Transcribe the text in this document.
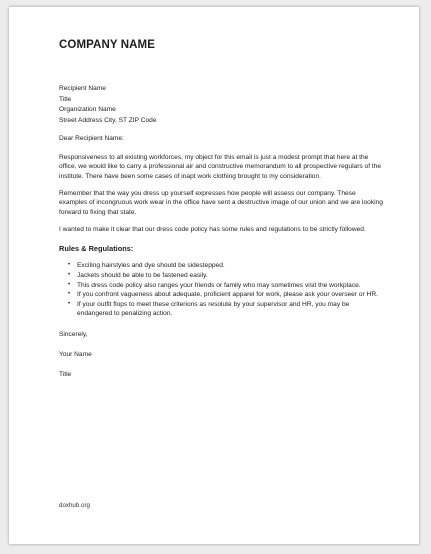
COMPANY NAME
Recipient Name
Title
Organization Name
Street Address City, ST ZIP Code
Dear Recipient Name:

Responsiveness to all existing workforces, my object for this email is just a modest prompt that here at the office, we would like to carry a professional air and constructive memorandum to all prospective regulars of the institute. There have been some cases of inapt work clothing brought to my consideration.

Remember that the way you dress up yourself expresses how people will assess our company. These examples of incongruous work wear in the office have sent a destructive image of our union and we are looking forward to fixing that state.

I wanted to make it clear that our dress code policy has some rules and regulations to be strictly followed.

Rules & Regulations:
• Exciting hairstyles and dye should be sidestepped.
• Jackets should be able to be fastened easily.
• This dress code policy also ranges your friends or family who may sometimes visit the workplace.
• If you confront vagueness about adequate, proficient apparel for work, please ask your overseer or HR.
• If your outfit flops to meet these criterions as resolute by your supervisor and HR, you may be endangered to penalizing action.
Sincerely,
Your Name
Title
doxhub.org
